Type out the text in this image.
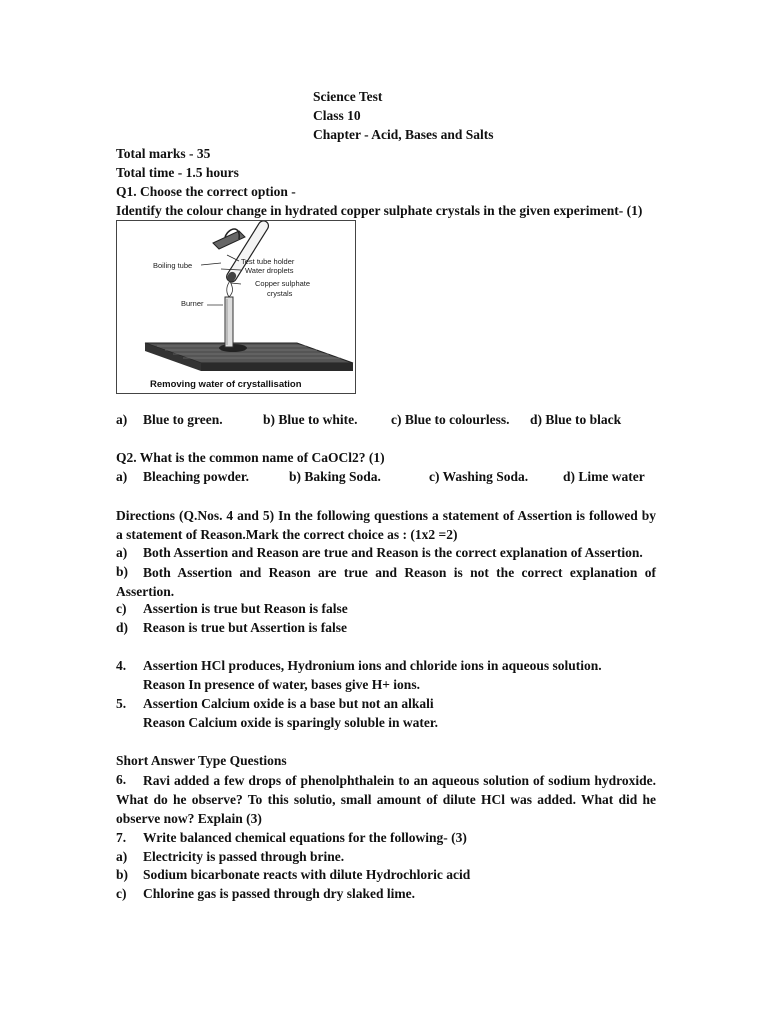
Science Test
Class 10
Chapter - Acid, Bases and Salts
Total marks - 35
Total time - 1.5 hours
Q1. Choose the correct option -
Identify the colour change in hydrated copper sulphate crystals in the given experiment- (1)
Boiling tube	Test tube holder
Water droplets
Copper sulphate
crystals
Burner
Removing water of crystallisation
a) Blue to green.	b) Blue to white. c) Blue to colourless. d) Blue to black
Q2. What is the common name of CaOCl2? (1)
a) Bleaching powder.	b) Baking Soda.	c) Washing Soda.	d) Lime water
Directions (Q.Nos. 4 and 5) In the following questions a statement of Assertion is followed by a statement of Reason.Mark the correct choice as : (1x2 =2)
a) Both Assertion and Reason are true and Reason is the correct explanation of Assertion.
b)	Both Assertion and Reason are true and Reason is not the correct explanation of Assertion.
c) Assertion is true but Reason is false
d) Reason is true but Assertion is false
4. Assertion HCl produces, Hydronium ions and chloride ions in aqueous solution.
Reason In presence of water, bases give H+ ions.
5. Assertion Calcium oxide is a base but not an alkali
Reason Calcium oxide is sparingly soluble in water.
Short Answer Type Questions
6.	Ravi added a few drops of phenolphthalein to an aqueous solution of sodium hydroxide. What do he observe? To this solutio, small amount of dilute HCl was added. What did he observe now? Explain (3)
7. Write balanced chemical equations for the following- (3)
a) Electricity is passed through brine.
b) Sodium bicarbonate reacts with dilute Hydrochloric acid
c) Chlorine gas is passed through dry slaked lime.
